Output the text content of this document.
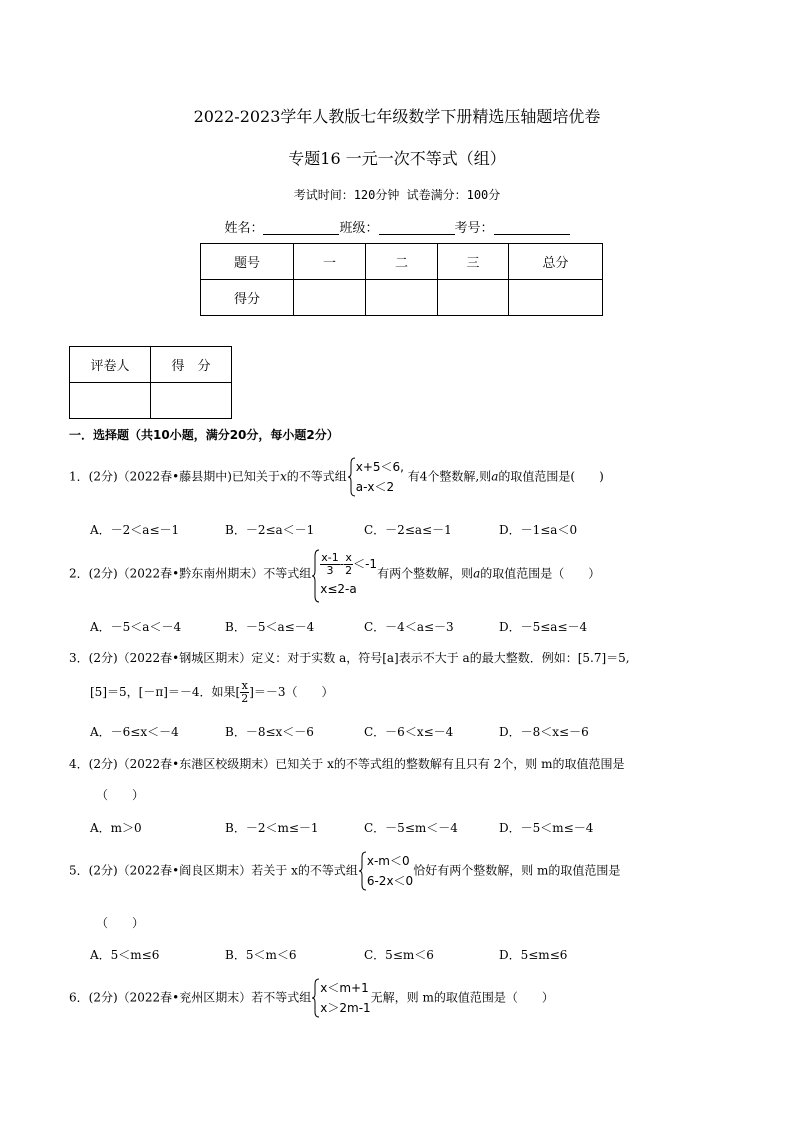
2022-2023学年人教版七年级数学下册精选压轴题培优卷
专题16 一元一次不等式（组）
考试时间：120分钟 试卷满分：100分
姓名：	班级：	考号：
题号	一	二	三	总分
得分				
评卷人	得　分

一．选择题（共10小题，满分20分，每小题2分）
1．(2分)（2022春•藤县期中)已知关于x的不等式组
x+5＜6,
a-x＜2
有4个整数解,则a的取值范围是(　　)
A．－2＜a≤－1	B．－2≤a＜－1	C．－2≤a≤－1	D．－1≤a＜0
2．(2分)（2022春•黔东南州期末）不等式组 $\frac{x-1}{3} - \frac{x}{2} <-1$
x≤2-a
有两个整数解，则a的取值范围是（　　）
A．－5＜a＜－4	B．－5＜a≤－4	C．－4＜a≤－3	D．－5≤a≤－4
3．(2分)（2022春•钢城区期末）定义：对于实数 a，符号[a]表示不大于 a的最大整数．例如：[5.7]＝5,
[5]＝5，[－π]＝－4．如果[ $\frac{x}{2} ]=-3$（　　）
A．－6≤x＜－4	B．－8≤x＜－6	C．－6＜x≤－4	D．－8＜x≤－6
4．(2分)（2022春•东港区校级期末）已知关于 x的不等式组的整数解有且只有 2个，则 m的取值范围是
（　　）
A．m＞0	B．－2＜m≤－1	C．－5≤m＜－4	D．－5＜m≤－4
5．(2分)（2022春•阎良区期末）若关于 x的不等式组
x-m＜0
6-2x＜0
恰好有两个整数解，则 m的取值范围是
（　　）
A．5＜m≤6	B．5＜m＜6	C．5≤m＜6	D．5≤m≤6
6．(2分)（2022春•兖州区期末）若不等式组
x＜m+1
x＞2m-1
无解，则 m的取值范围是（　　）
